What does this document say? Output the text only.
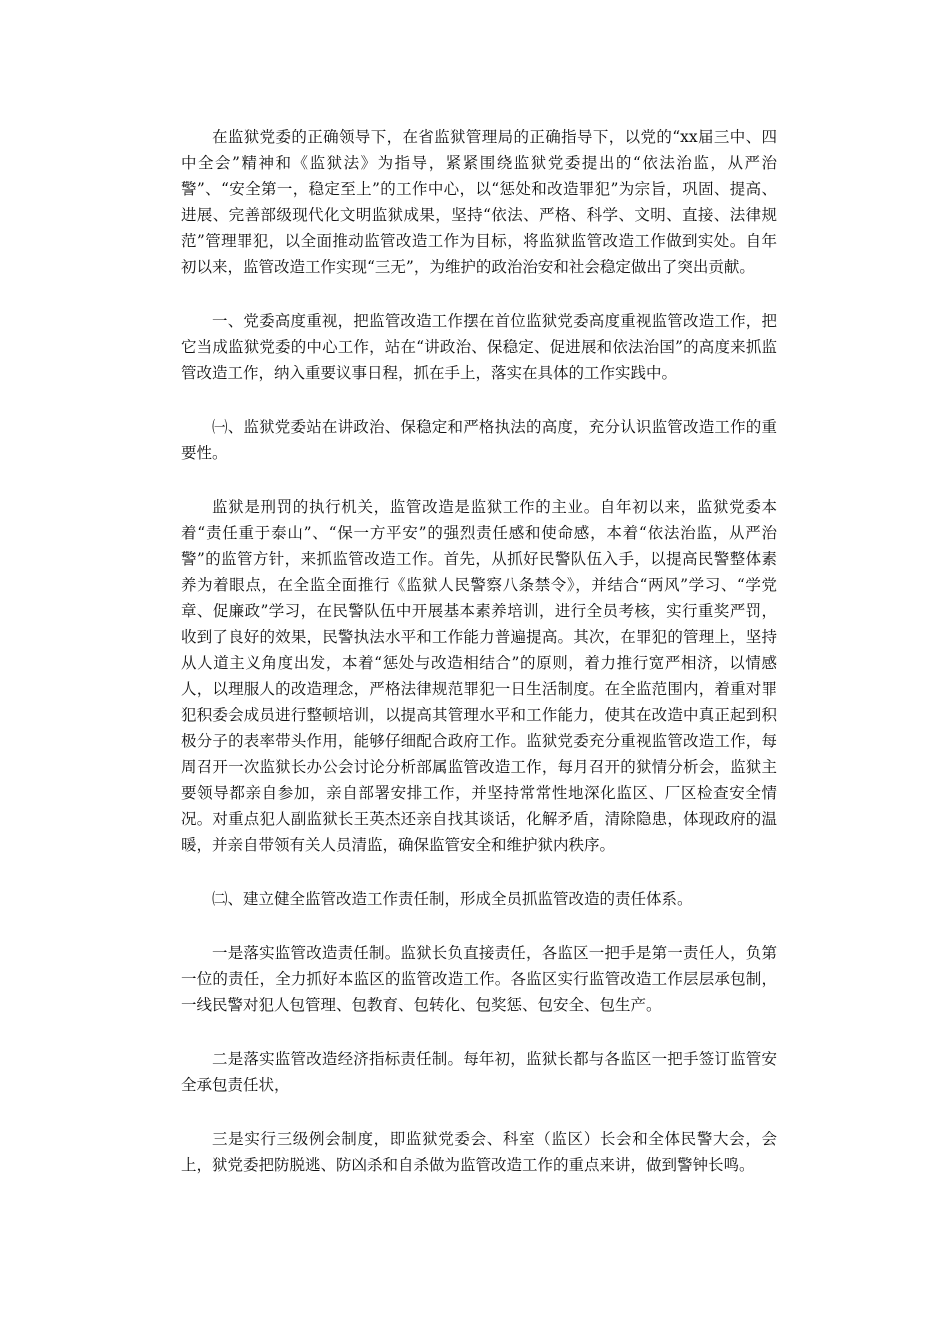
在监狱党委的正确领导下，在省监狱管理局的正确指导下，以党的“xx届三中、四中全会”精神和《监狱法》为指导，紧紧围绕监狱党委提出的“依法治监，从严治警”、“安全第一，稳定至上”的工作中心，以“惩处和改造罪犯”为宗旨，巩固、提高、进展、完善部级现代化文明监狱成果，坚持“依法、严格、科学、文明、直接、法律规范”管理罪犯，以全面推动监管改造工作为目标，将监狱监管改造工作做到实处。自年初以来，监管改造工作实现“三无”，为维护的政治治安和社会稳定做出了突出贡献。

一、党委高度重视，把监管改造工作摆在首位监狱党委高度重视监管改造工作，把它当成监狱党委的中心工作，站在“讲政治、保稳定、促进展和依法治国”的高度来抓监管改造工作，纳入重要议事日程，抓在手上，落实在具体的工作实践中。

㈠、监狱党委站在讲政治、保稳定和严格执法的高度，充分认识监管改造工作的重要性。

监狱是刑罚的执行机关，监管改造是监狱工作的主业。自年初以来，监狱党委本着“责任重于泰山”、“保一方平安”的强烈责任感和使命感，本着“依法治监，从严治警”的监管方针，来抓监管改造工作。首先，从抓好民警队伍入手，以提高民警整体素养为着眼点，在全监全面推行《监狱人民警察八条禁令》，并结合“两风”学习、“学党章、促廉政”学习，在民警队伍中开展基本素养培训，进行全员考核，实行重奖严罚，收到了良好的效果，民警执法水平和工作能力普遍提高。其次，在罪犯的管理上，坚持从人道主义角度出发，本着“惩处与改造相结合”的原则，着力推行宽严相济，以情感人，以理服人的改造理念，严格法律规范罪犯一日生活制度。在全监范围内，着重对罪犯积委会成员进行整顿培训，以提高其管理水平和工作能力，使其在改造中真正起到积极分子的表率带头作用，能够仔细配合政府工作。监狱党委充分重视监管改造工作，每周召开一次监狱长办公会讨论分析部属监管改造工作，每月召开的狱情分析会，监狱主要领导都亲自参加，亲自部署安排工作，并坚持常常性地深化监区、厂区检查安全情况。对重点犯人副监狱长王英杰还亲自找其谈话，化解矛盾，清除隐患，体现政府的温暖，并亲自带领有关人员清监，确保监管安全和维护狱内秩序。

㈡、建立健全监管改造工作责任制，形成全员抓监管改造的责任体系。

一是落实监管改造责任制。监狱长负直接责任，各监区一把手是第一责任人，负第一位的责任，全力抓好本监区的监管改造工作。各监区实行监管改造工作层层承包制，一线民警对犯人包管理、包教育、包转化、包奖惩、包安全、包生产。

二是落实监管改造经济指标责任制。每年初，监狱长都与各监区一把手签订监管安全承包责任状，

三是实行三级例会制度，即监狱党委会、科室（监区）长会和全体民警大会，会上，狱党委把防脱逃、防凶杀和自杀做为监管改造工作的重点来讲，做到警钟长鸣。
